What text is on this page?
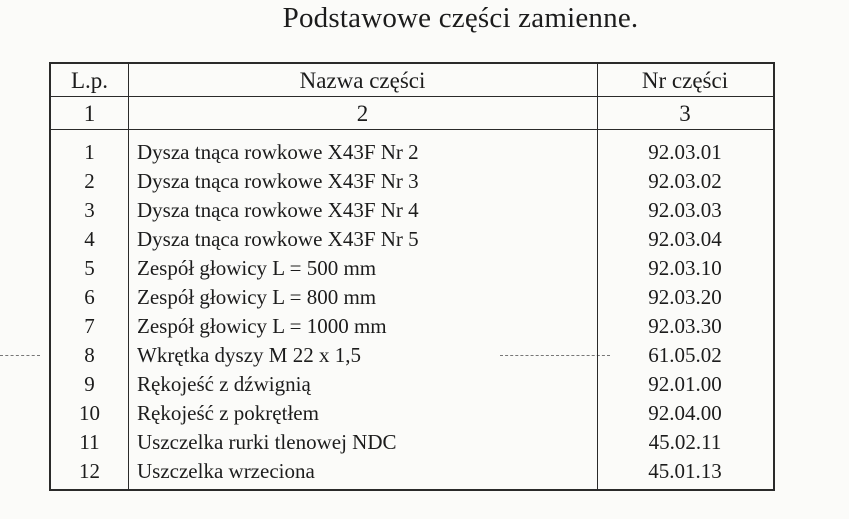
Podstawowe części zamienne.
L.p.	Nazwa części	Nr części
1	2	3
1	Dysza tnąca rowkowe X43F Nr 2	92.03.01
2	Dysza tnąca rowkowe X43F Nr 3	92.03.02
3	Dysza tnąca rowkowe X43F Nr 4	92.03.03
4	Dysza tnąca rowkowe X43F Nr 5	92.03.04
5	Zespół głowicy L = 500 mm	92.03.10
6	Zespół głowicy L = 800 mm	92.03.20
7	Zespół głowicy L = 1000 mm	92.03.30
8	Wkrętka dyszy M 22 x 1,5	61.05.02
9	Rękojeść z dźwignią	92.01.00
10	Rękojeść z pokrętłem	92.04.00
11	Uszczelka rurki tlenowej NDC	45.02.11
12	Uszczelka wrzeciona	45.01.13
